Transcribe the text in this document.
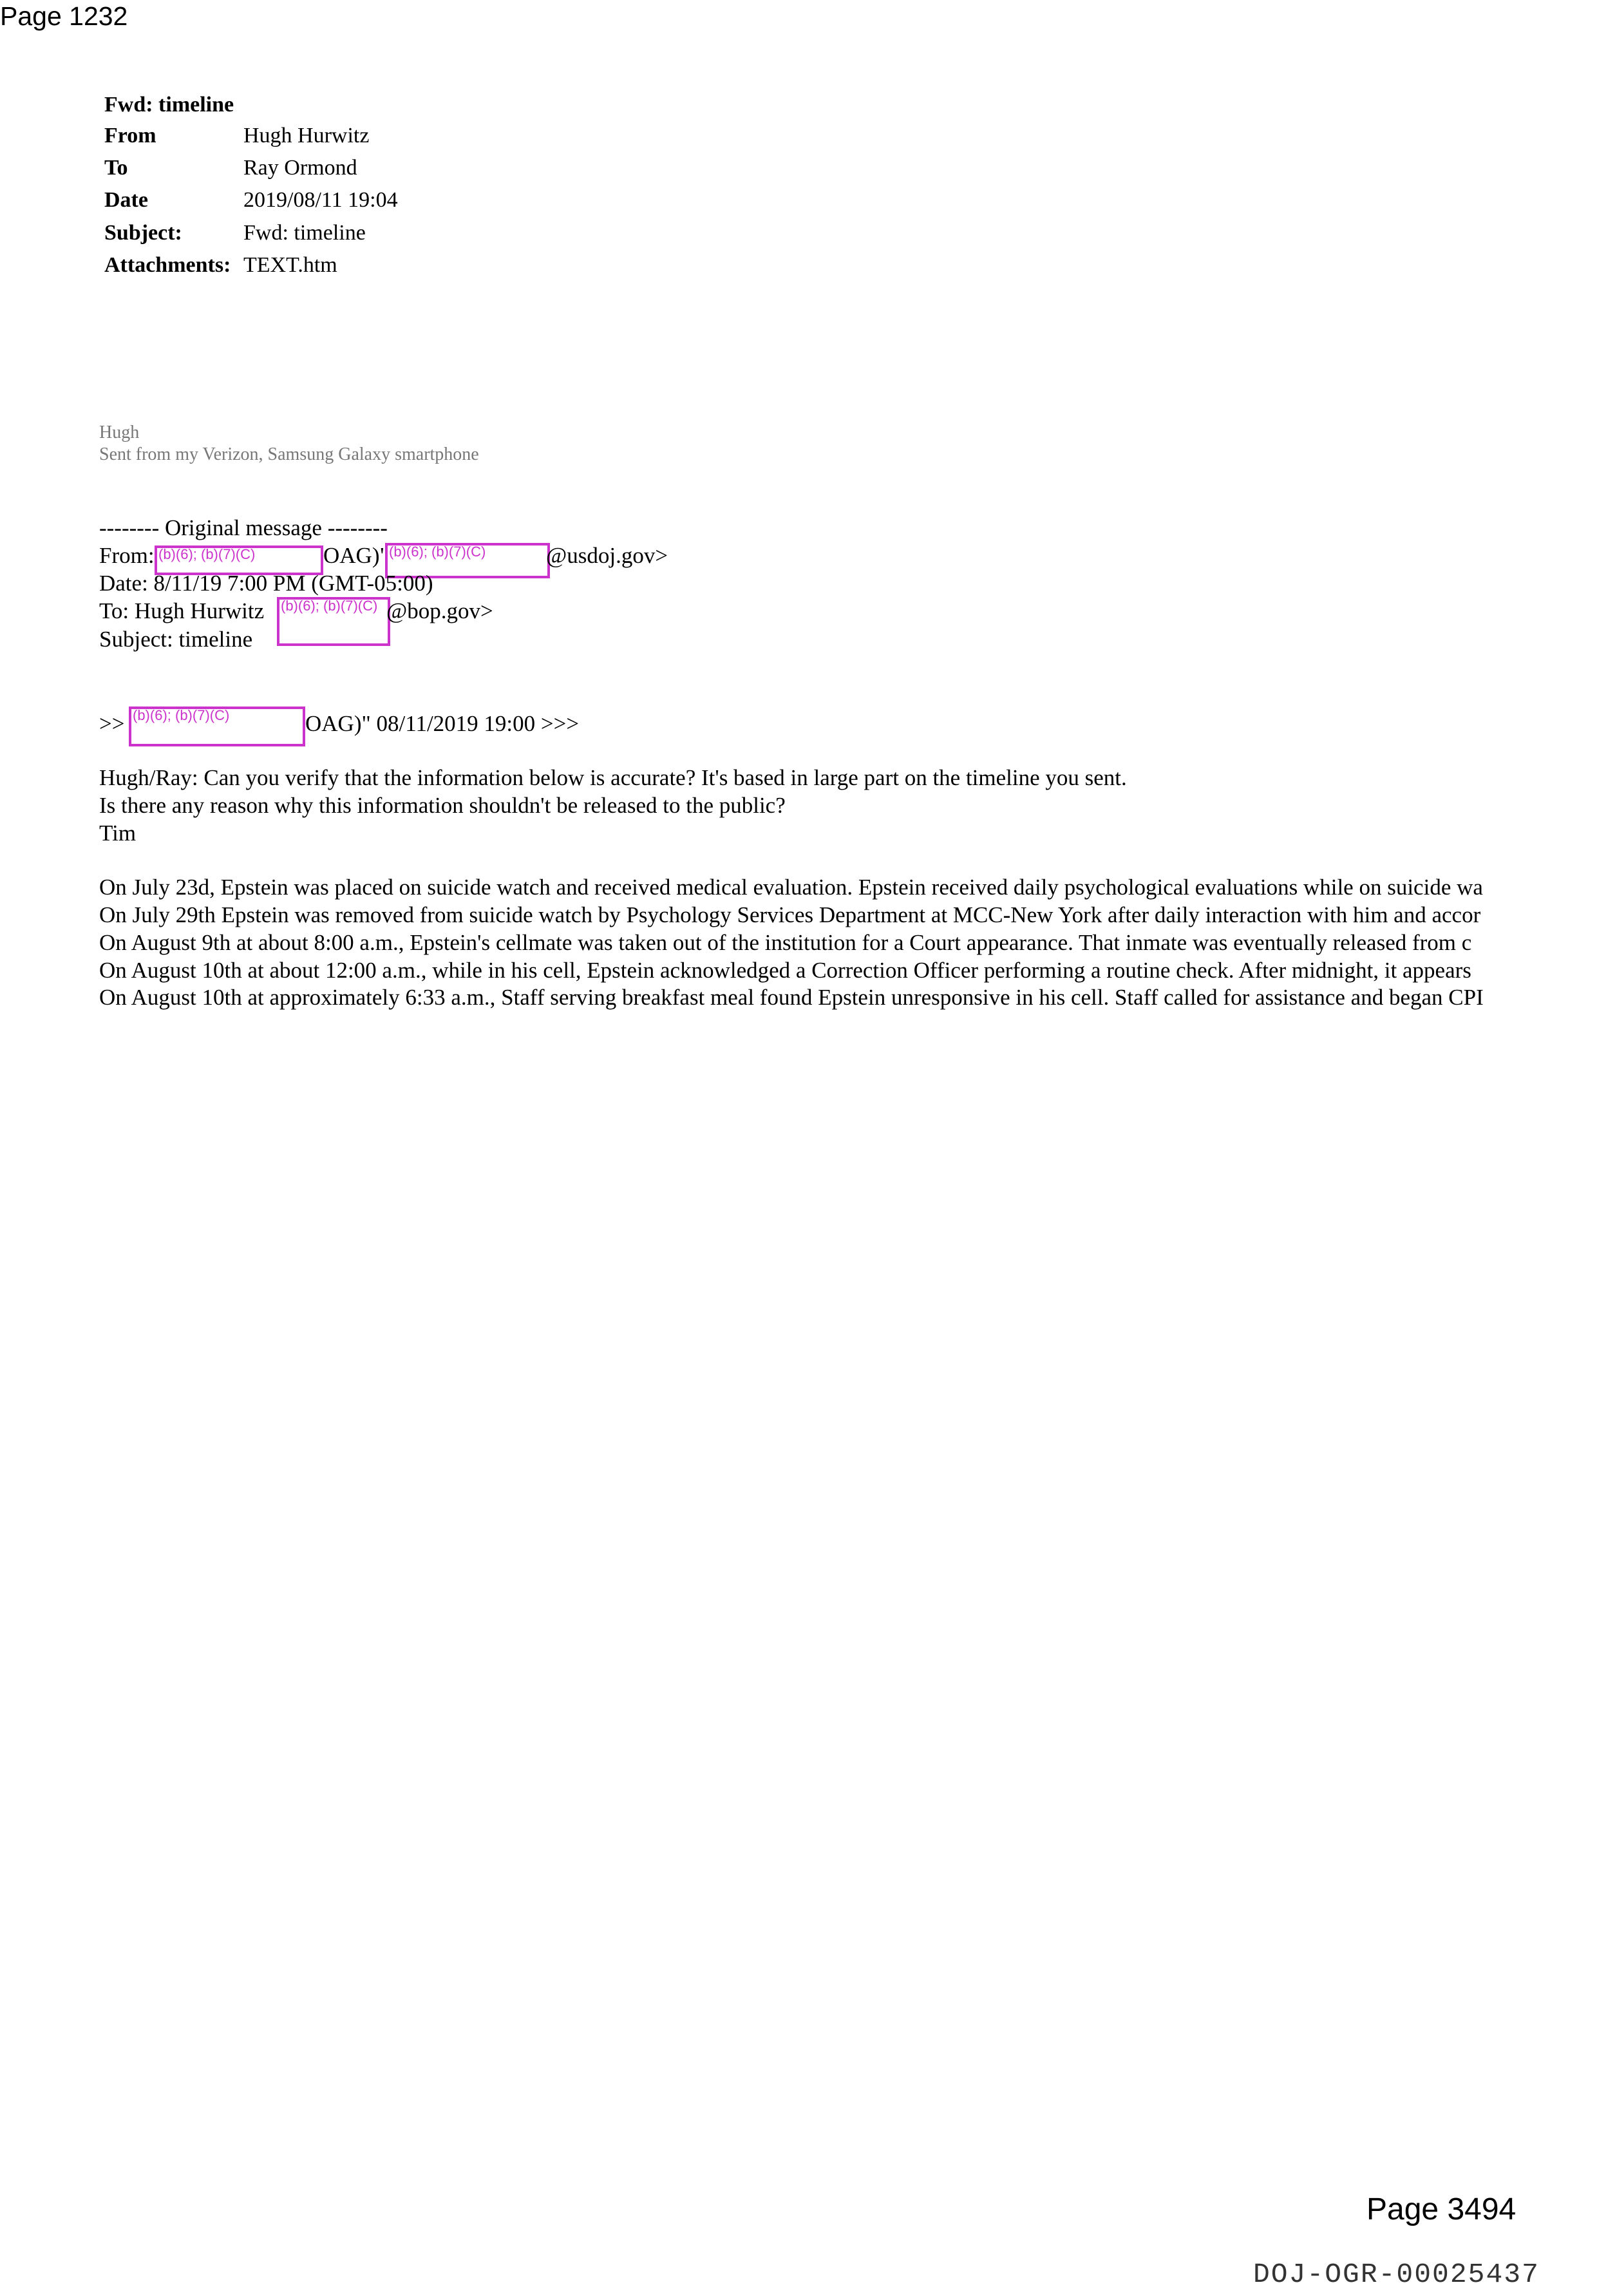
Page 1232
Fwd: timeline
From	Hugh Hurwitz
To	Ray Ormond
Date	2019/08/11 19:04
Subject:	Fwd: timeline
Attachments: TEXT.htm
Hugh
Sent from my Verizon, Samsung Galaxy smartphone
-------- Original message --------
From: (b)(6); (b)(7)(C)	OAG)" (b)(6); (b)(7)(C)	@usdoj.gov>
Date: 8/11/19 7:00 PM (GMT-05:00)
To: Hugh Hurwitz (b)(6); (b)(7)(C) @bop.gov>
Subject: timeline
>> (b)(6); (b)(7)(C)	OAG)" 08/11/2019 19:00 >>>
Hugh/Ray: Can you verify that the information below is accurate? It's based in large part on the timeline you sent.
Is there any reason why this information shouldn't be released to the public?
Tim
On July 23d, Epstein was placed on suicide watch and received medical evaluation. Epstein received daily psychological evaluations while on suicide wa
On July 29th Epstein was removed from suicide watch by Psychology Services Department at MCC-New York after daily interaction with him and accor
On August 9th at about 8:00 a.m., Epstein's cellmate was taken out of the institution for a Court appearance. That inmate was eventually released from c
On August 10th at about 12:00 a.m., while in his cell, Epstein acknowledged a Correction Officer performing a routine check. After midnight, it appears
On August 10th at approximately 6:33 a.m., Staff serving breakfast meal found Epstein unresponsive in his cell. Staff called for assistance and began CPI
Page 3494
DOJ-OGR-00025437
